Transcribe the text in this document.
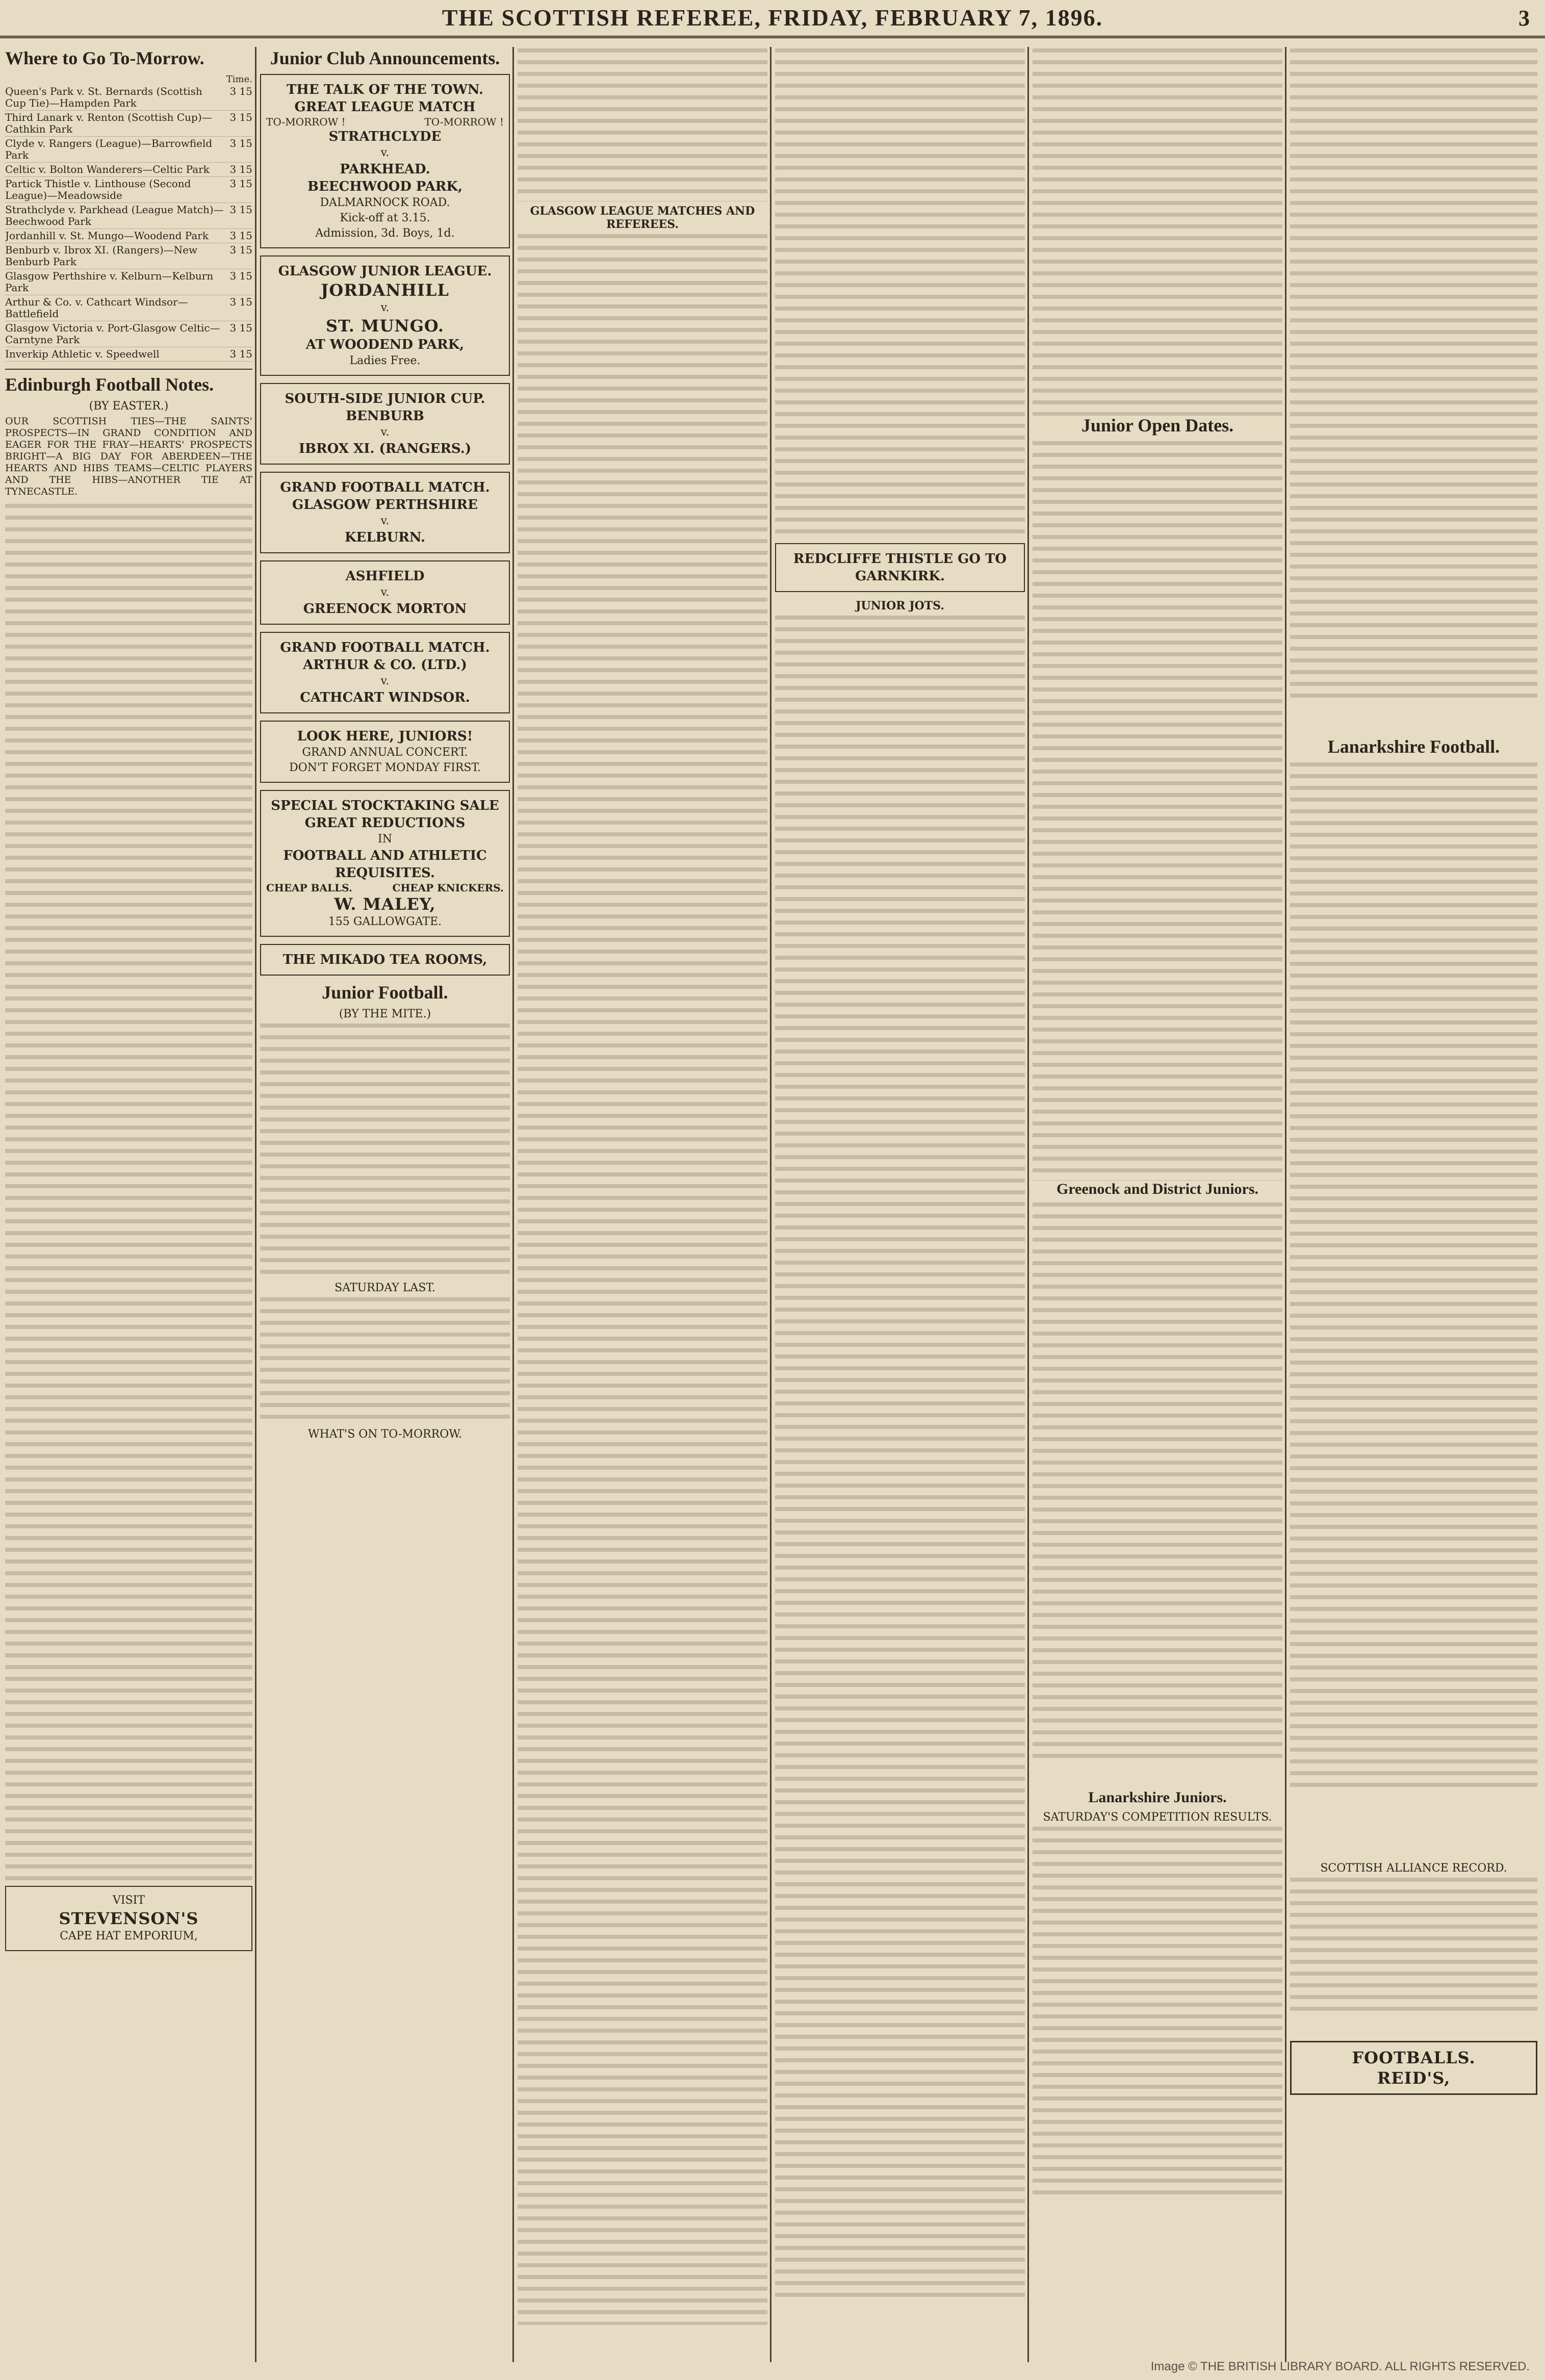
THE SCOTTISH REFEREE, FRIDAY, FEBRUARY 7, 1896.	3
Where to Go To-Morrow.
Time.
Queen's Park v. St. Bernards (Scottish Cup Tie)—Hampden Park
3 15
Third Lanark v. Renton (Scottish Cup)—Cathkin Park
3 15
Clyde v. Rangers (League)—Barrowfield Park
3 15
Celtic v. Bolton Wanderers—Celtic Park 3 15
Partick Thistle v. Linthouse (Second League)—Meadowside
3 15
Strathclyde v. Parkhead (League Match)—Beechwood Park
3 15
Jordanhill v. St. Mungo—Woodend Park 3 15
Benburb v. Ibrox XI. (Rangers)—New Benburb Park
3 15
Glasgow Perthshire v. Kelburn—Kelburn Park
3 15
Arthur & Co. v. Cathcart Windsor—Battlefield
3 15
Glasgow Victoria v. Port-Glasgow Celtic—Carntyne Park
3 15
Inverkip Athletic v. Speedwell	3 15
Edinburgh Football Notes.
(BY EASTER.)

OUR SCOTTISH TIES—THE SAINTS' PROSPECTS—IN GRAND CONDITION AND EAGER FOR THE FRAY—HEARTS' PROSPECTS BRIGHT—A BIG DAY FOR ABERDEEN—THE HEARTS AND HIBS TEAMS—CELTIC PLAYERS AND THE HIBS—ANOTHER TIE AT TYNECASTLE.

VISIT
STEVENSON'S
CAPE HAT EMPORIUM,
Junior Club Announcements.
THE TALK OF THE TOWN.
GREAT LEAGUE MATCH
TO-MORROW !	TO-MORROW !
STRATHCLYDE
v.
PARKHEAD.
BEECHWOOD PARK,
DALMARNOCK ROAD.
Kick-off at 3.15.
Admission, 3d. Boys, 1d.
GLASGOW JUNIOR LEAGUE.
JORDANHILL
v.
ST. MUNGO.
AT WOODEND PARK,
Ladies Free.
SOUTH-SIDE JUNIOR CUP.
BENBURB
v.
IBROX XI. (RANGERS.)
GRAND FOOTBALL MATCH.
GLASGOW PERTHSHIRE
v.
KELBURN.
ASHFIELD
v.
GREENOCK MORTON
GRAND FOOTBALL MATCH.
ARTHUR & CO. (LTD.)
v.
CATHCART WINDSOR.
LOOK HERE, JUNIORS!
GRAND ANNUAL CONCERT.
DON'T FORGET MONDAY FIRST.
SPECIAL STOCKTAKING SALE
GREAT REDUCTIONS
IN
FOOTBALL AND ATHLETIC REQUISITES.
CHEAP BALLS.	CHEAP KNICKERS.
W. MALEY,
155 GALLOWGATE.
THE MIKADO TEA ROOMS,
Junior Football.
(BY THE MITE.)
SATURDAY LAST.
WHAT'S ON TO-MORROW.
GLASGOW LEAGUE MATCHES AND REFEREES.
REDCLIFFE THISTLE GO TO GARNKIRK.
JUNIOR JOTS.
Junior Open Dates.
Greenock and District Juniors.
Lanarkshire Juniors.
SATURDAY'S COMPETITION RESULTS.
Lanarkshire Football.
SCOTTISH ALLIANCE RECORD.
FOOTBALLS.
REID'S,
Image © THE BRITISH LIBRARY BOARD. ALL RIGHTS RESERVED.
